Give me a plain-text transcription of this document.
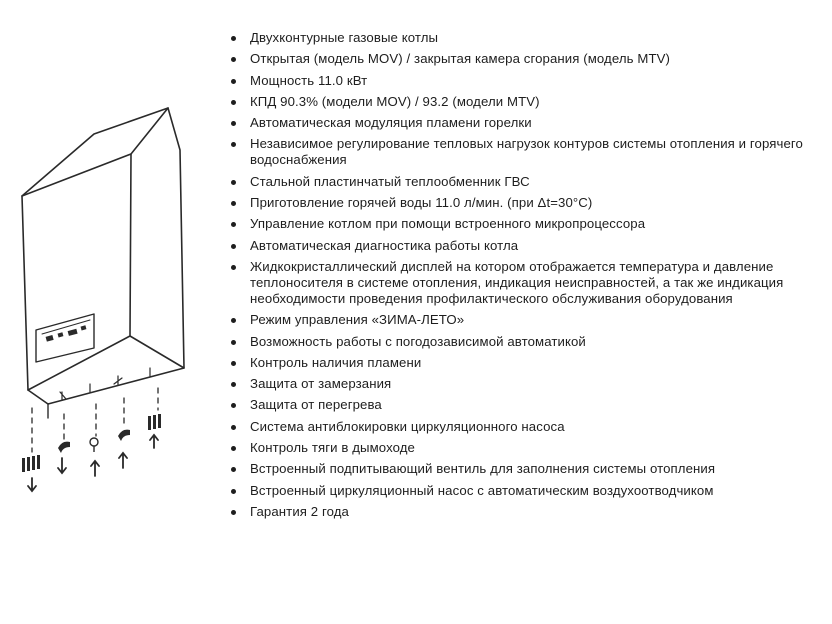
Двухконтурные газовые котлы
Открытая (модель MOV) / закрытая камера сгорания (модель MTV)
Мощность 11.0 кВт
КПД 90.3% (модели MOV) / 93.2 (модели MTV)
Автоматическая модуляция пламени горелки
Независимое регулирование тепловых нагрузок контуров системы отопления и горячего водоснабжения
Стальной пластинчатый теплообменник ГВС
Приготовление горячей воды 11.0 л/мин. (при Δt=30°C)
Управление котлом при помощи встроенного микропроцессора
Автоматическая диагностика работы котла
Жидкокристаллический дисплей на котором отображается температура и давление теплоносителя в системе отопления, индикация неисправностей, а так же индикация необходимости проведения профилактического обслуживания оборудования
Режим управления «ЗИМА-ЛЕТО»
Возможность работы с погодозависимой автоматикой
Контроль наличия пламени
Защита от замерзания
Защита от перегрева
Система антиблокировки циркуляционного насоса
Контроль тяги в дымоходе
Встроенный подпитывающий вентиль для заполнения системы отопления
Встроенный циркуляционный насос с автоматическим воздухоотводчиком
Гарантия 2 года
